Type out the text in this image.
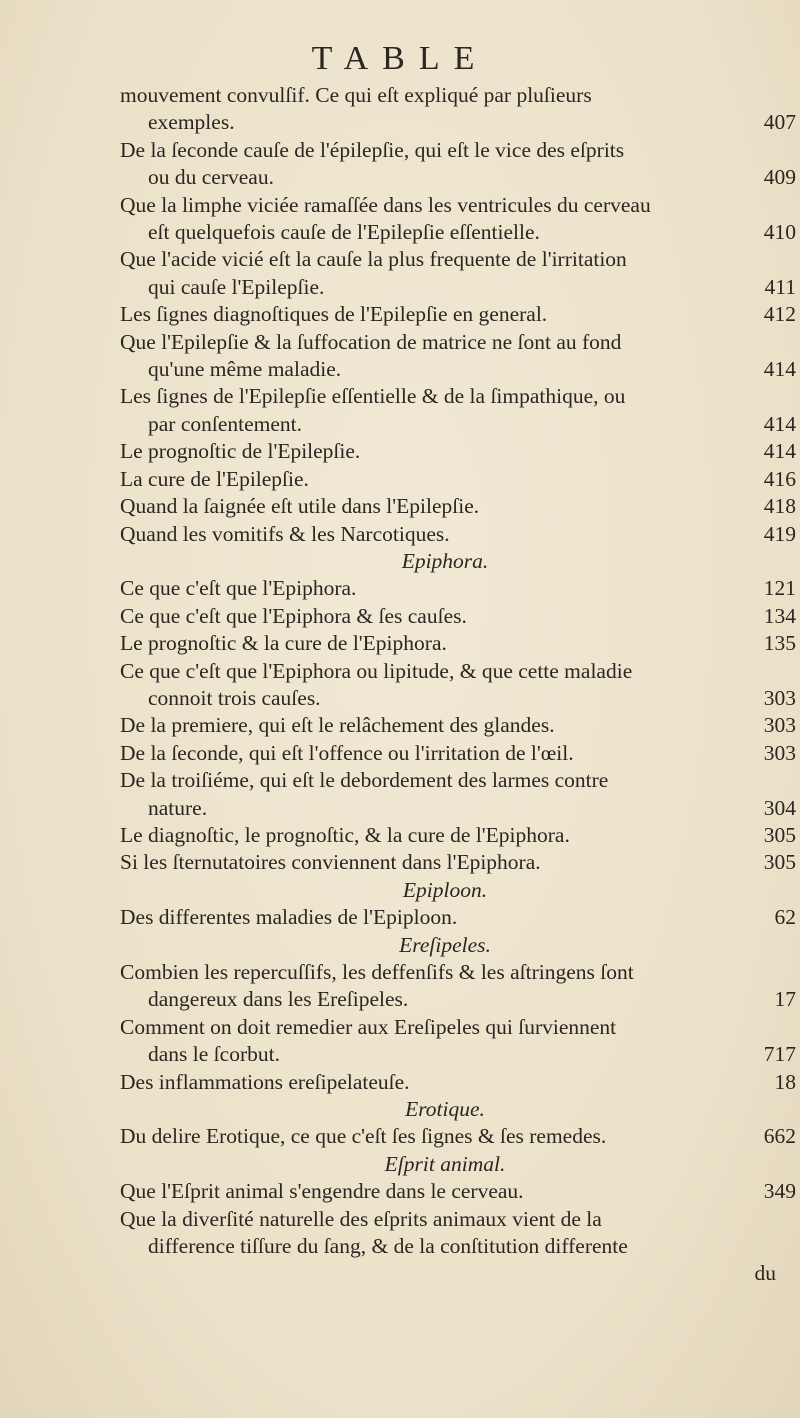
TABLE
mouvement convulſif. Ce qui eſt expliqué par pluſieurs
exemples.	407
De la ſeconde cauſe de l'épilepſie, qui eſt le vice des eſprits
ou du cerveau.	409
Que la limphe viciée ramaſſée dans les ventricules du cerveau
eſt quelquefois cauſe de l'Epilepſie eſſentielle.	410
Que l'acide vicié eſt la cauſe la plus frequente de l'irritation
qui cauſe l'Epilepſie.	411
Les ſignes diagnoſtiques de l'Epilepſie en general.	412
Que l'Epilepſie & la ſuffocation de matrice ne ſont au fond
qu'une même maladie.	414
Les ſignes de l'Epilepſie eſſentielle & de la ſimpathique, ou
par conſentement.	414
Le prognoſtic de l'Epilepſie.	414
La cure de l'Epilepſie.	416
Quand la ſaignée eſt utile dans l'Epilepſie.	418
Quand les vomitifs & les Narcotiques.	419
Epiphora.
Ce que c'eſt que l'Epiphora.	121
Ce que c'eſt que l'Epiphora & ſes cauſes.	134
Le prognoſtic & la cure de l'Epiphora.	135
Ce que c'eſt que l'Epiphora ou lipitude, & que cette maladie
connoit trois cauſes.	303
De la premiere, qui eſt le relâchement des glandes.	303
De la ſeconde, qui eſt l'offence ou l'irritation de l'œil.	303
De la troiſiéme, qui eſt le debordement des larmes contre
nature.	304
Le diagnoſtic, le prognoſtic, & la cure de l'Epiphora.	305
Si les ſternutatoires conviennent dans l'Epiphora.	305
Epiploon.
Des differentes maladies de l'Epiploon.	62
Ereſipeles.
Combien les repercuſſifs, les deffenſifs & les aſtringens ſont
dangereux dans les Ereſipeles.	17
Comment on doit remedier aux Ereſipeles qui ſurviennent
dans le ſcorbut.	717
Des inflammations ereſipelateuſe.	18
Erotique.
Du delire Erotique, ce que c'eſt ſes ſignes & ſes remedes.	662
Eſprit animal.
Que l'Eſprit animal s'engendre dans le cerveau.	349
Que la diverſité naturelle des eſprits animaux vient de la
difference tiſſure du ſang, & de la conſtitution differente
du
